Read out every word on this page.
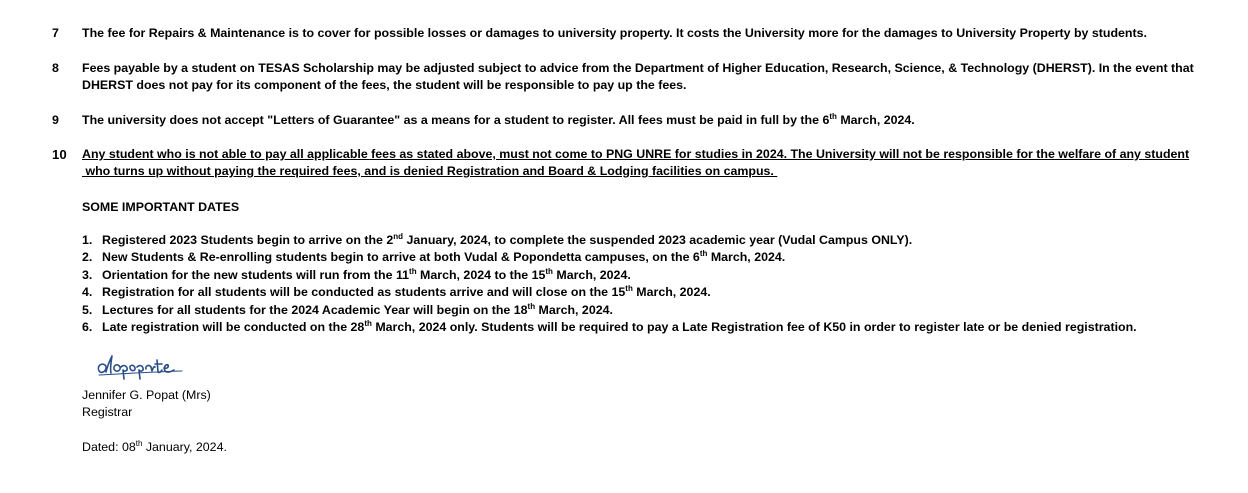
7 The fee for Repairs & Maintenance is to cover for possible losses or damages to university property. It costs the University more for the damages to University Property by students.
8 Fees payable by a student on TESAS Scholarship may be adjusted subject to advice from the Department of Higher Education, Research, Science, & Technology (DHERST). In the event that DHERST does not pay for its component of the fees, the student will be responsible to pay up the fees.
9 The university does not accept "Letters of Guarantee" as a means for a student to register. All fees must be paid in full by the 6th March, 2024.
10 Any student who is not able to pay all applicable fees as stated above, must not come to PNG UNRE for studies in 2024. The University will not be responsible for the welfare of any student
who turns up without paying the required fees, and is denied Registration and Board & Lodging facilities on campus.
SOME IMPORTANT DATES
1. Registered 2023 Students begin to arrive on the 2nd January, 2024, to complete the suspended 2023 academic year (Vudal Campus ONLY).
2. New Students & Re-enrolling students begin to arrive at both Vudal & Popondetta campuses, on the 6th March, 2024.
3. Orientation for the new students will run from the 11th March, 2024 to the 15th March, 2024.
4. Registration for all students will be conducted as students arrive and will close on the 15th March, 2024.
5. Lectures for all students for the 2024 Academic Year will begin on the 18th March, 2024.
6. Late registration will be conducted on the 28th March, 2024 only. Students will be required to pay a Late Registration fee of K50 in order to register late or be denied registration.
Jennifer G. Popat (Mrs)
Registrar
Dated: 08th January, 2024.
